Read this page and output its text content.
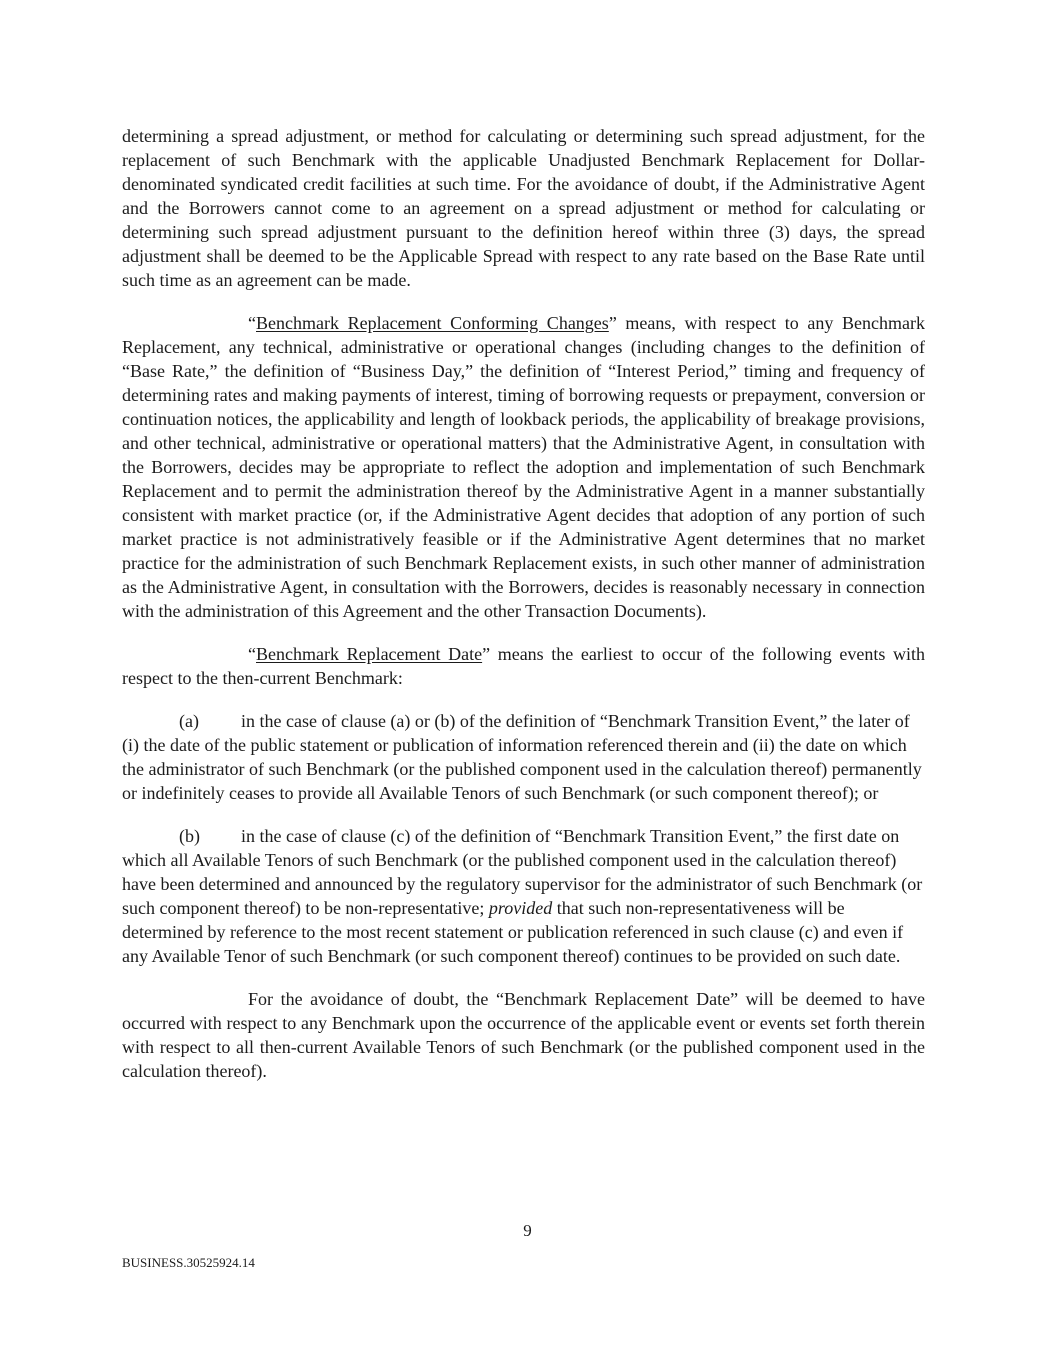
determining a spread adjustment, or method for calculating or determining such spread adjustment, for the replacement of such Benchmark with the applicable Unadjusted Benchmark Replacement for Dollar-denominated syndicated credit facilities at such time. For the avoidance of doubt, if the Administrative Agent and the Borrowers cannot come to an agreement on a spread adjustment or method for calculating or determining such spread adjustment pursuant to the definition hereof within three (3) days, the spread adjustment shall be deemed to be the Applicable Spread with respect to any rate based on the Base Rate until such time as an agreement can be made.

“Benchmark Replacement Conforming Changes” means, with respect to any Benchmark Replacement, any technical, administrative or operational changes (including changes to the definition of “Base Rate,” the definition of “Business Day,” the definition of “Interest Period,” timing and frequency of determining rates and making payments of interest, timing of borrowing requests or prepayment, conversion or continuation notices, the applicability and length of lookback periods, the applicability of breakage provisions, and other technical, administrative or operational matters) that the Administrative Agent, in consultation with the Borrowers, decides may be appropriate to reflect the adoption and implementation of such Benchmark Replacement and to permit the administration thereof by the Administrative Agent in a manner substantially consistent with market practice (or, if the Administrative Agent decides that adoption of any portion of such market practice is not administratively feasible or if the Administrative Agent determines that no market practice for the administration of such Benchmark Replacement exists, in such other manner of administration as the Administrative Agent, in consultation with the Borrowers, decides is reasonably necessary in connection with the administration of this Agreement and the other Transaction Documents).

“Benchmark Replacement Date” means the earliest to occur of the following events with respect to the then-current Benchmark:

(a) in the case of clause (a) or (b) of the definition of “Benchmark Transition Event,” the later of (i) the date of the public statement or publication of information referenced therein and (ii) the date on which the administrator of such Benchmark (or the published component used in the calculation thereof) permanently or indefinitely ceases to provide all Available Tenors of such Benchmark (or such component thereof); or

(b) in the case of clause (c) of the definition of “Benchmark Transition Event,” the first date on which all Available Tenors of such Benchmark (or the published component used in the calculation thereof) have been determined and announced by the regulatory supervisor for the administrator of such Benchmark (or such component thereof) to be non-representative; provided that such non-representativeness will be determined by reference to the most recent statement or publication referenced in such clause (c) and even if any Available Tenor of such Benchmark (or such component thereof) continues to be provided on such date.

For the avoidance of doubt, the “Benchmark Replacement Date” will be deemed to have occurred with respect to any Benchmark upon the occurrence of the applicable event or events set forth therein with respect to all then-current Available Tenors of such Benchmark (or the published component used in the calculation thereof).

9
BUSINESS.30525924.14
